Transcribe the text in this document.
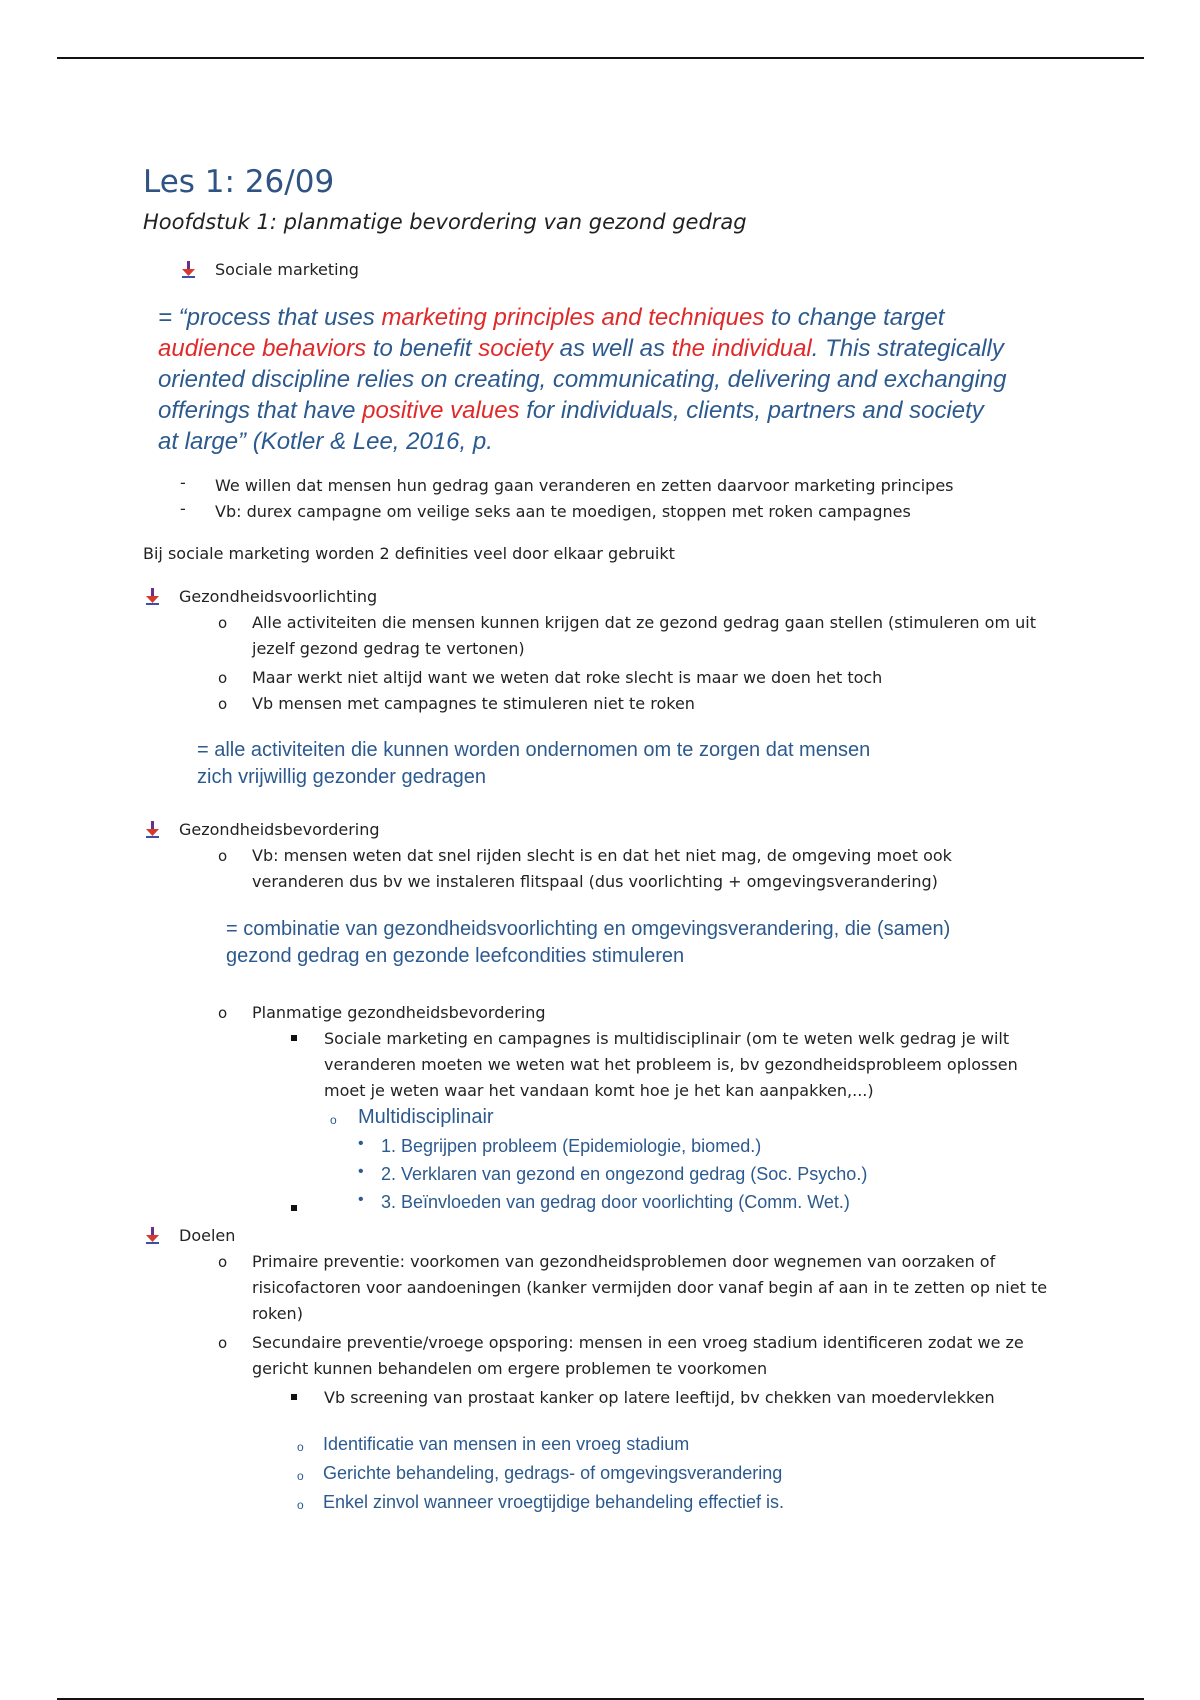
Les 1: 26/09
Hoofdstuk 1: planmatige bevordering van gezond gedrag
Sociale marketing
= “process that uses marketing principles and techniques to change target audience behaviors to benefit society as well as the individual. This strategically oriented discipline relies on creating, communicating, delivering and exchanging offerings that have positive values for individuals, clients, partners and society at large” (Kotler & Lee, 2016, p.
- We willen dat mensen hun gedrag gaan veranderen en zetten daarvoor marketing principes
- Vb: durex campagne om veilige seks aan te moedigen, stoppen met roken campagnes
Bij sociale marketing worden 2 definities veel door elkaar gebruikt
Gezondheidsvoorlichting
o Alle activiteiten die mensen kunnen krijgen dat ze gezond gedrag gaan stellen (stimuleren om uit jezelf gezond gedrag te vertonen)
o Maar werkt niet altijd want we weten dat roke slecht is maar we doen het toch
o Vb mensen met campagnes te stimuleren niet te roken
= alle activiteiten die kunnen worden ondernomen om te zorgen dat mensen zich vrijwillig gezonder gedragen
Gezondheidsbevordering
o Vb: mensen weten dat snel rijden slecht is en dat het niet mag, de omgeving moet ook veranderen dus bv we instaleren flitspaal (dus voorlichting + omgevingsverandering)
= combinatie van gezondheidsvoorlichting en omgevingsverandering, die (samen) gezond gedrag en gezonde leefcondities stimuleren
o Planmatige gezondheidsbevordering
Sociale marketing en campagnes is multidisciplinair (om te weten welk gedrag je wilt veranderen moeten we weten wat het probleem is, bv gezondheidsprobleem oplossen moet je weten waar het vandaan komt hoe je het kan aanpakken,...)
o Multidisciplinair
• 1. Begrijpen probleem (Epidemiologie, biomed.)
• 2. Verklaren van gezond en ongezond gedrag (Soc. Psycho.)
• 3. Beïnvloeden van gedrag door voorlichting (Comm. Wet.)
Doelen
o Primaire preventie: voorkomen van gezondheidsproblemen door wegnemen van oorzaken of risicofactoren voor aandoeningen (kanker vermijden door vanaf begin af aan in te zetten op niet te roken)
o Secundaire preventie/vroege opsporing: mensen in een vroeg stadium identificeren zodat we ze gericht kunnen behandelen om ergere problemen te voorkomen
Vb screening van prostaat kanker op latere leeftijd, bv chekken van moedervlekken
o Identificatie van mensen in een vroeg stadium
o Gerichte behandeling, gedrags- of omgevingsverandering
o Enkel zinvol wanneer vroegtijdige behandeling effectief is.
